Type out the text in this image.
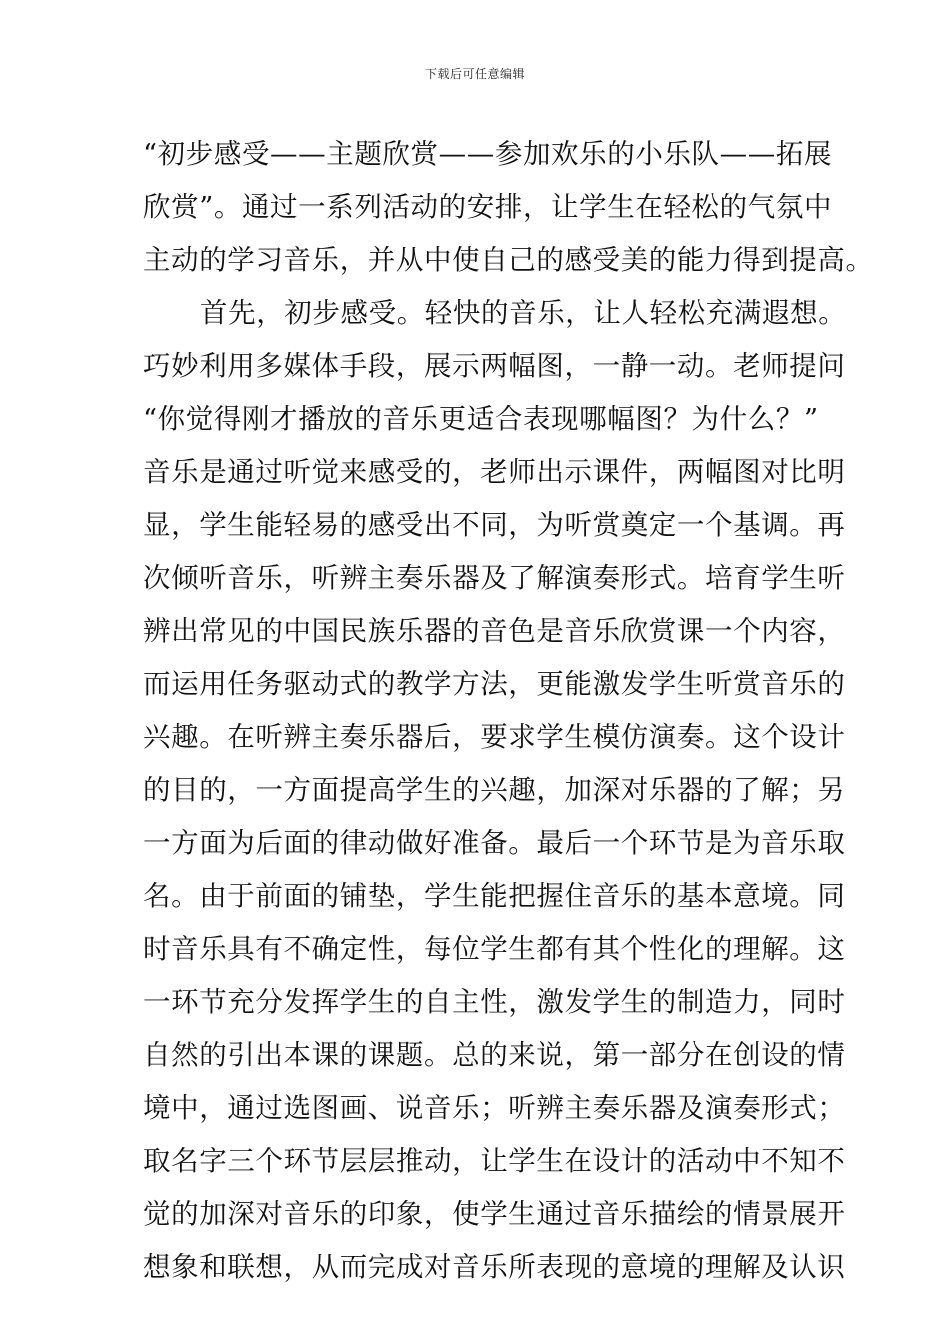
下载后可任意编辑
“初步感受——主题欣赏——参加欢乐的小乐队——拓展
欣赏”。通过一系列活动的安排，让学生在轻松的气氛中
主动的学习音乐，并从中使自己的感受美的能力得到提高。
首先，初步感受。轻快的音乐，让人轻松充满遐想。
巧妙利用多媒体手段，展示两幅图，一静一动。老师提问
“你觉得刚才播放的音乐更适合表现哪幅图？为什么？”
音乐是通过听觉来感受的，老师出示课件，两幅图对比明
显，学生能轻易的感受出不同，为听赏奠定一个基调。再
次倾听音乐，听辨主奏乐器及了解演奏形式。培育学生听
辨出常见的中国民族乐器的音色是音乐欣赏课一个内容，
而运用任务驱动式的教学方法，更能激发学生听赏音乐的
兴趣。在听辨主奏乐器后，要求学生模仿演奏。这个设计
的目的，一方面提高学生的兴趣，加深对乐器的了解；另
一方面为后面的律动做好准备。最后一个环节是为音乐取
名。由于前面的铺垫，学生能把握住音乐的基本意境。同
时音乐具有不确定性，每位学生都有其个性化的理解。这
一环节充分发挥学生的自主性，激发学生的制造力，同时
自然的引出本课的课题。总的来说，第一部分在创设的情
境中，通过选图画、说音乐；听辨主奏乐器及演奏形式；
取名字三个环节层层推动，让学生在设计的活动中不知不
觉的加深对音乐的印象，使学生通过音乐描绘的情景展开
想象和联想，从而完成对音乐所表现的意境的理解及认识
